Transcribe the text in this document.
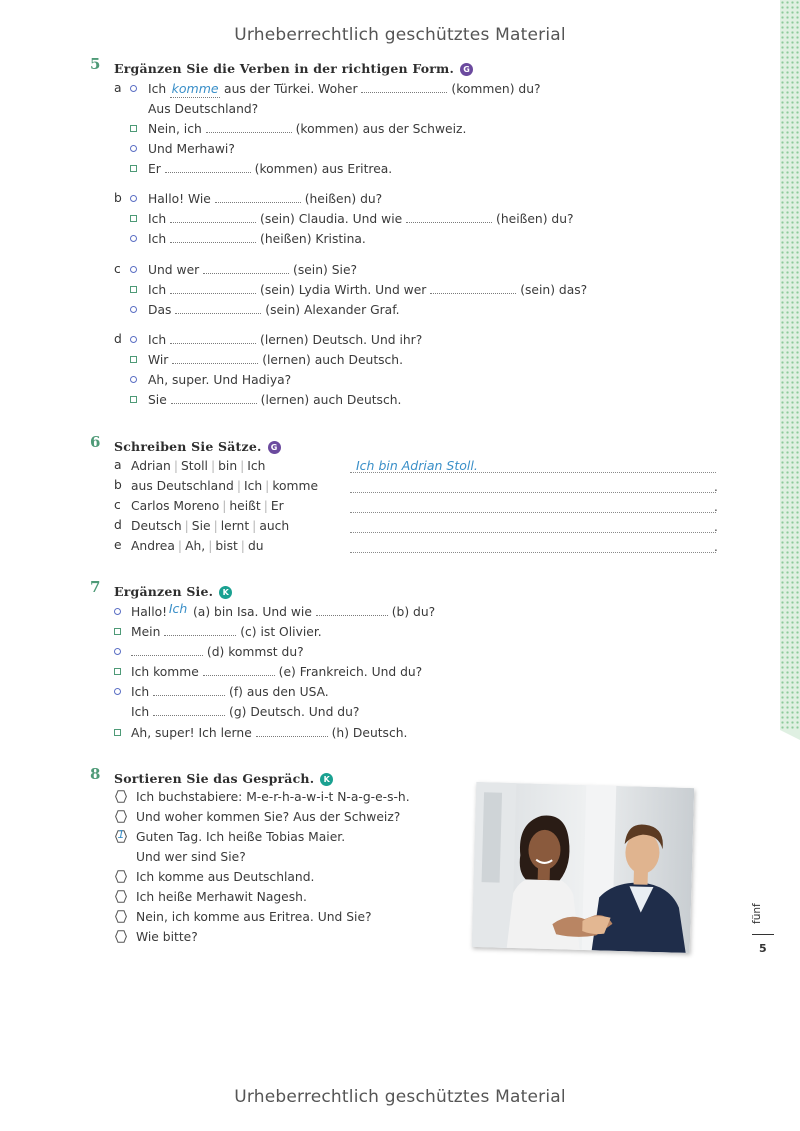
Urheberrechtlich geschütztes Material
Urheberrechtlich geschütztes Material
5 Ergänzen Sie die Verben in der richtigen Form. G
a Ich komme aus der Türkei. Woher	(kommen) du?
Aus Deutschland?
Nein, ich	(kommen) aus der Schweiz.
Und Merhawi?
Er	(kommen) aus Eritrea.
b Hallo! Wie	(heißen) du?
Ich	(sein) Claudia. Und wie	(heißen) du?
Ich	(heißen) Kristina.
c Und wer	(sein) Sie?
Ich	(sein) Lydia Wirth. Und wer	(sein) das?
Das	(sein) Alexander Graf.
d Ich	(lernen) Deutsch. Und ihr?
Wir	(lernen) auch Deutsch.
Ah, super. Und Hadiya?
Sie	(lernen) auch Deutsch.
6 Schreiben Sie Sätze. G
a Adrian | Stoll | bin | Ich	Ich bin Adrian Stoll.
b aus Deutschland | Ich | komme	.
c Carlos Moreno | heißt | Er	.
d Deutsch | Sie | lernt | auch	.
e Andrea | Ah, | bist | du	.
7 Ergänzen Sie. K
Hallo! Ich (a) bin Isa. Und wie	(b) du?
Mein	(c) ist Olivier.
(d) kommst du?
Ich komme	(e) Frankreich. Und du?
Ich	(f) aus den USA.
Ich	(g) Deutsch. Und du?
Ah, super! Ich lerne	(h) Deutsch.
8 Sortieren Sie das Gespräch. K
Ich buchstabiere: M-e-r-h-a-w-i-t N-a-g-e-s-h.
Und woher kommen Sie? Aus der Schweiz?
1 Guten Tag. Ich heiße Tobias Maier.
Und wer sind Sie?
Ich komme aus Deutschland.
Ich heiße Merhawit Nagesh.
Nein, ich komme aus Eritrea. Und Sie?
Wie bitte?
fünf
5
